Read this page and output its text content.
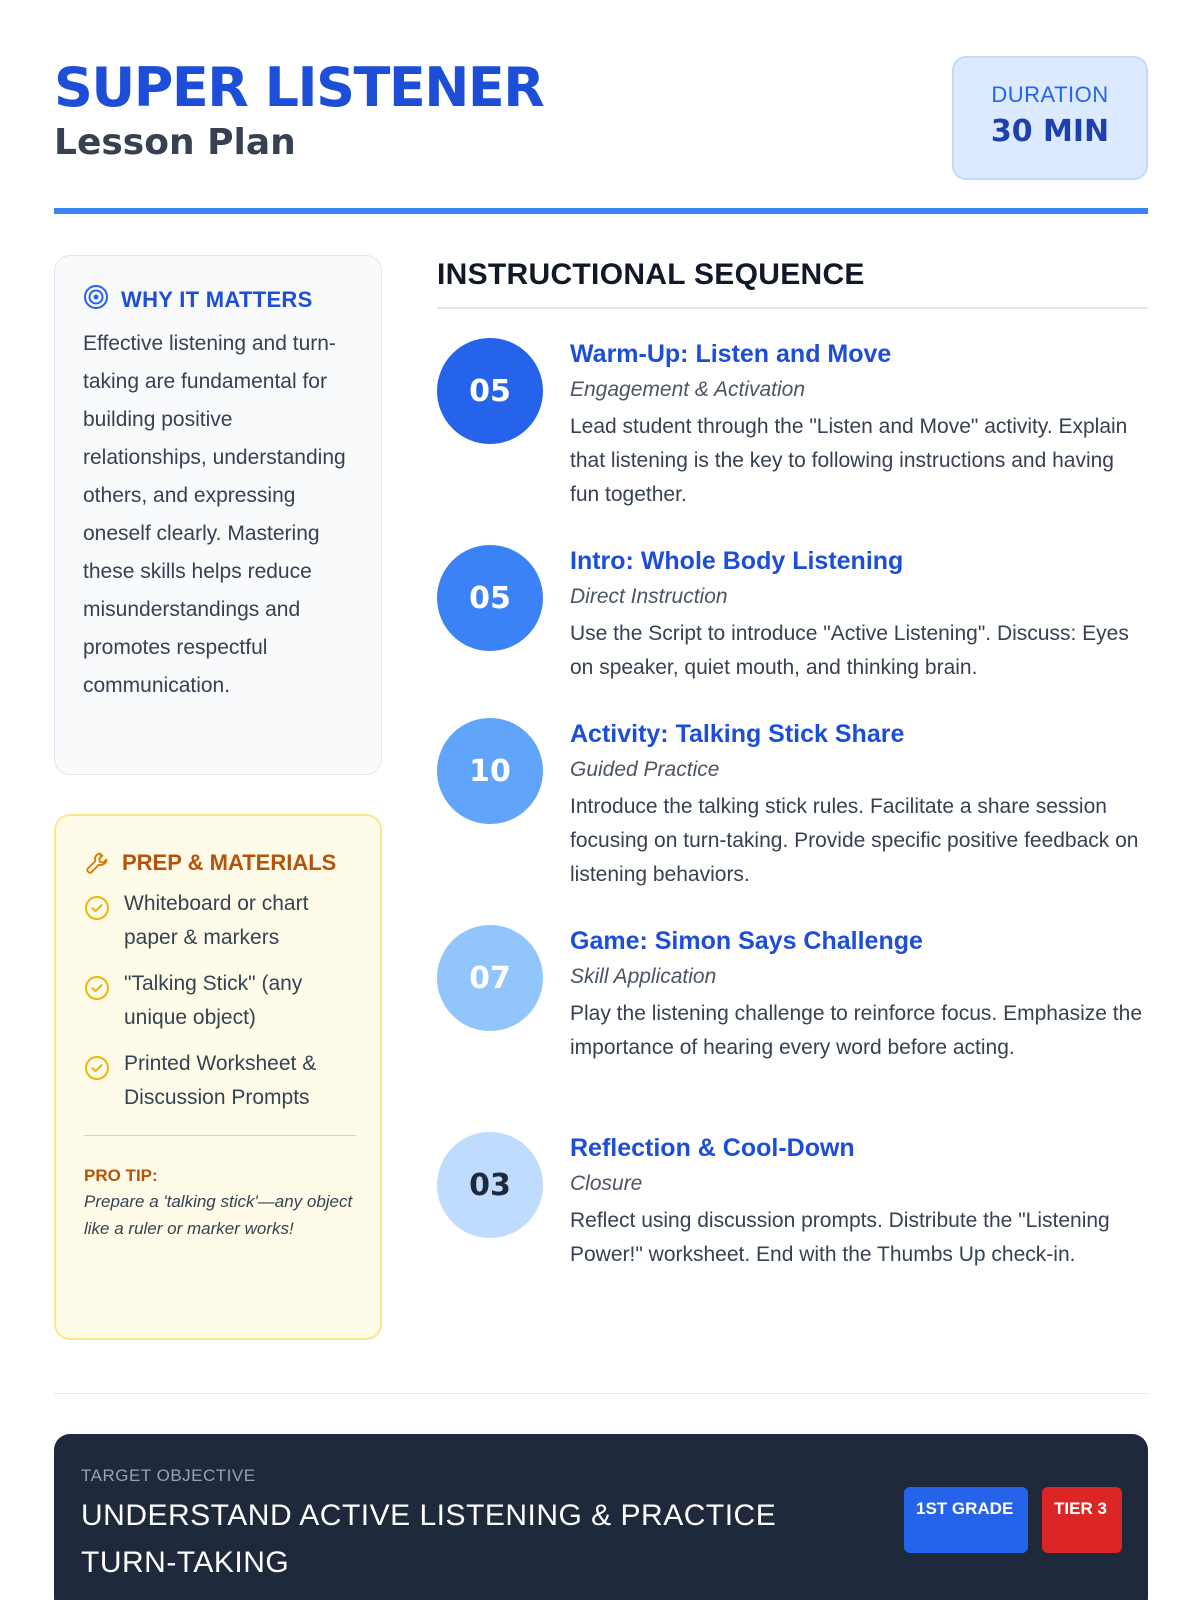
SUPER LISTENER
Lesson Plan
DURATION
30 MIN
WHY IT MATTERS
Effective listening and turn-taking are fundamental for building positive relationships, understanding others, and expressing oneself clearly. Mastering these skills helps reduce misunderstandings and promotes respectful communication.
PREP & MATERIALS
Whiteboard or chart paper & markers
"Talking Stick" (any unique object)
Printed Worksheet & Discussion Prompts
PRO TIP:
Prepare a 'talking stick'—any object like a ruler or marker works!
INSTRUCTIONAL SEQUENCE
05
Warm-Up: Listen and Move
Engagement & Activation
Lead student through the "Listen and Move" activity. Explain that listening is the key to following instructions and having fun together.
05
Intro: Whole Body Listening
Direct Instruction
Use the Script to introduce "Active Listening". Discuss: Eyes on speaker, quiet mouth, and thinking brain.
10
Activity: Talking Stick Share
Guided Practice
Introduce the talking stick rules. Facilitate a share session focusing on turn-taking. Provide specific positive feedback on listening behaviors.
07
Game: Simon Says Challenge
Skill Application
Play the listening challenge to reinforce focus. Emphasize the importance of hearing every word before acting.
03
Reflection & Cool-Down
Closure
Reflect using discussion prompts. Distribute the "Listening Power!" worksheet. End with the Thumbs Up check-in.
TARGET OBJECTIVE
UNDERSTAND ACTIVE LISTENING & PRACTICE TURN-TAKING
1ST GRADE	TIER 3
